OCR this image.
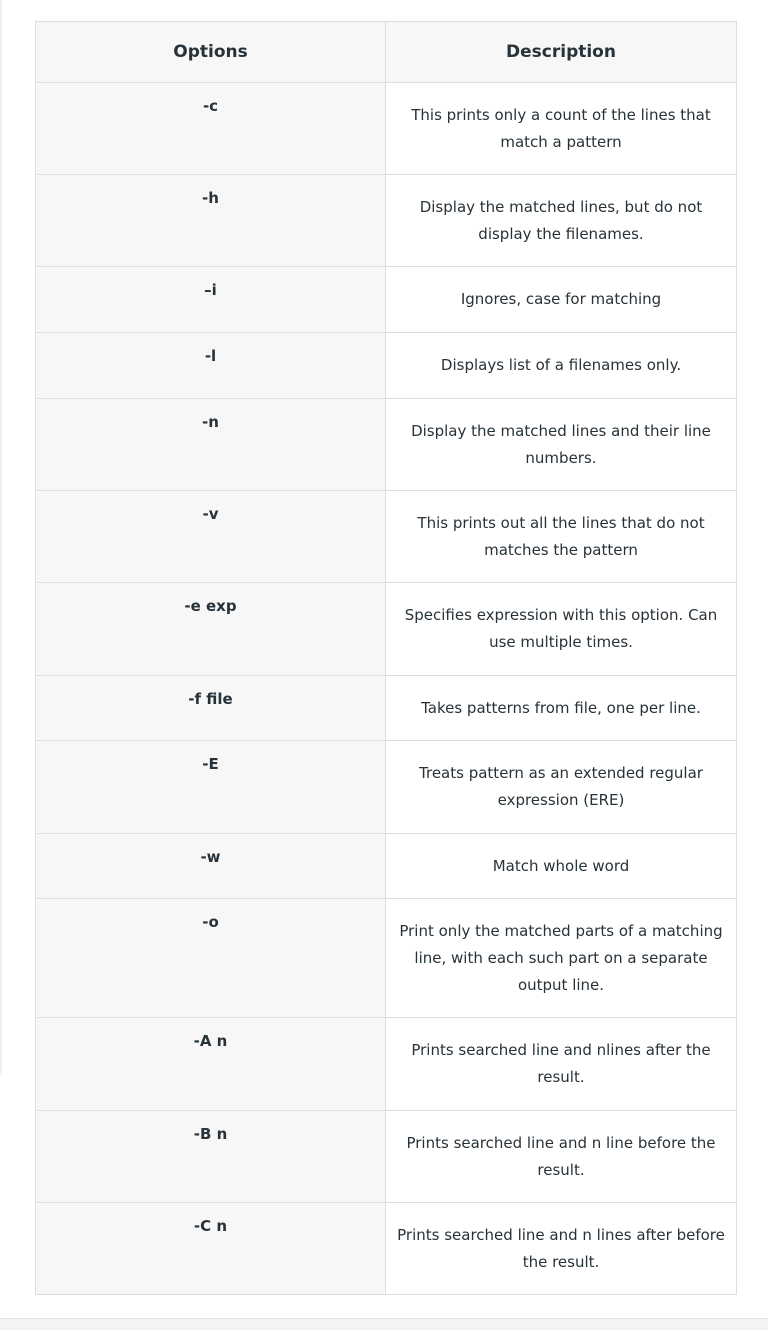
Options	Description
-c	This prints only a count of the lines that match a pattern
-h	Display the matched lines, but do not display the filenames.
–i	Ignores, case for matching
-l	Displays list of a filenames only.
-n	Display the matched lines and their line numbers.
-v	This prints out all the lines that do not matches the pattern
-e exp	Specifies expression with this option. Can use multiple times.
-f file	Takes patterns from file, one per line.
-E	Treats pattern as an extended regular expression (ERE)
-w	Match whole word
-o	Print only the matched parts of a matching line, with each such part on a separate output line.
-A n	Prints searched line and nlines after the result.
-B n	Prints searched line and n line before the result.
-C n	Prints searched line and n lines after before the result.
